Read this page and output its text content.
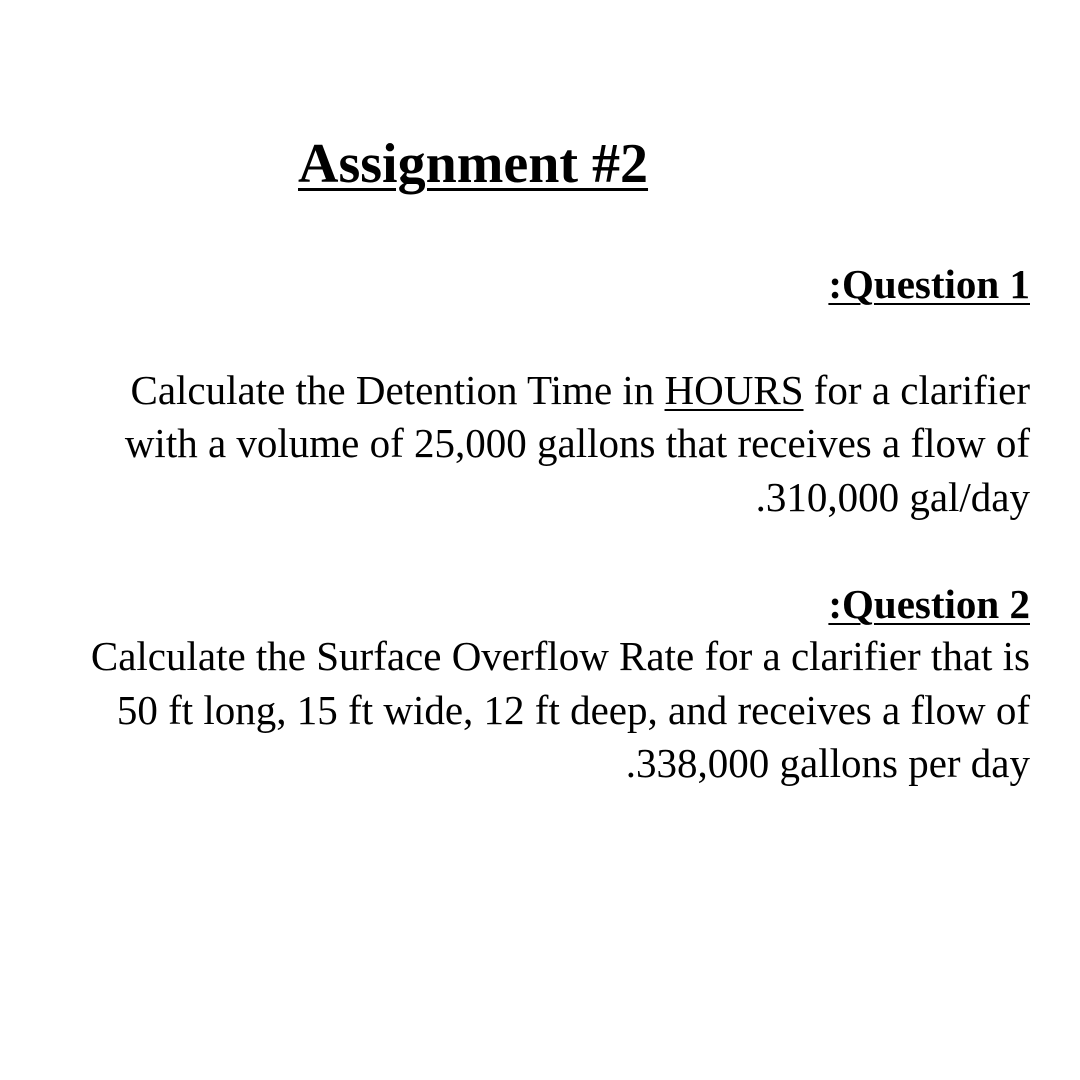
Assignment #2
:Question 1
Calculate the Detention Time in HOURS for a clarifier
with a volume of 25,000 gallons that receives a flow of
.310,000 gal/day
:Question 2
Calculate the Surface Overflow Rate for a clarifier that is
50 ft long, 15 ft wide, 12 ft deep, and receives a flow of
.338,000 gallons per day
